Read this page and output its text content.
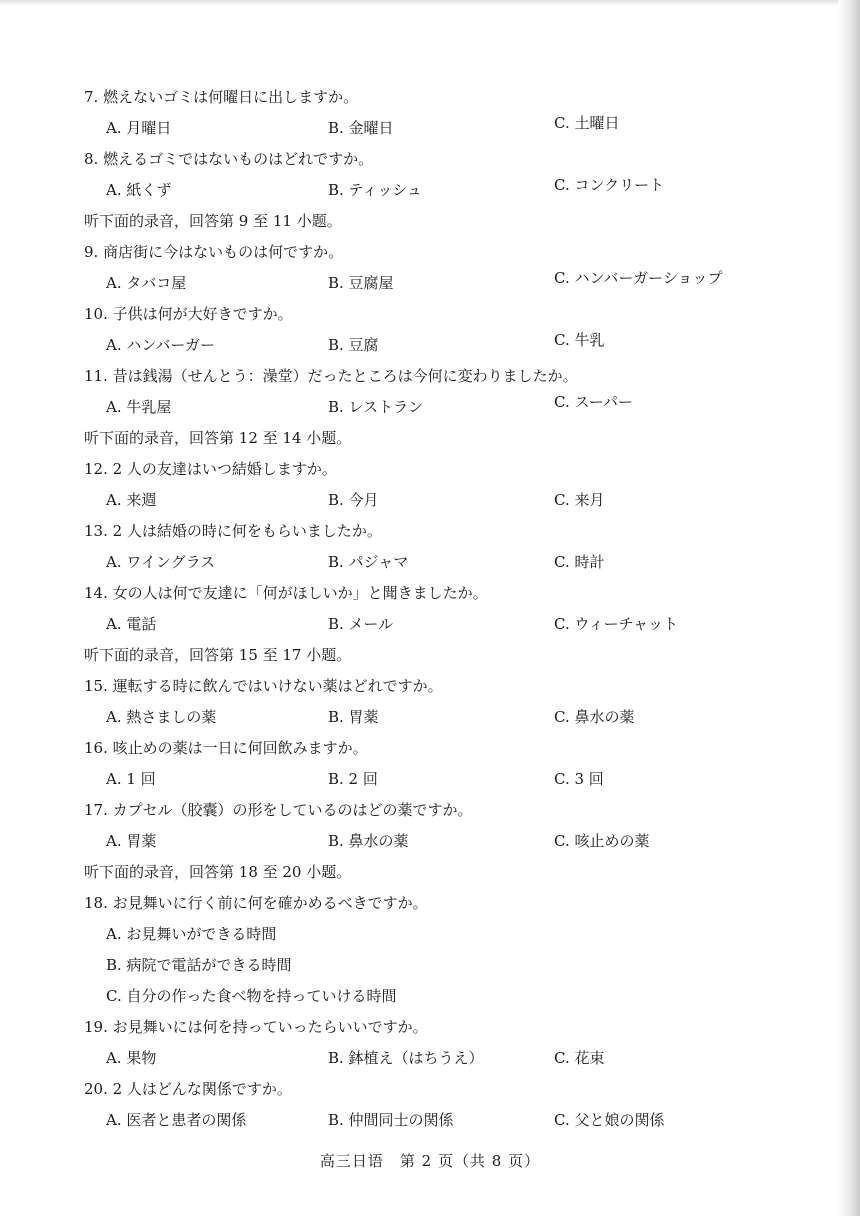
7. 燃えないゴミは何曜日に出しますか。
A. 月曜日	B. 金曜日	C. 土曜日
8. 燃えるゴミではないものはどれですか。
A. 紙くず	B. ティッシュ	C. コンクリート
听下面的录音，回答第 9 至 11 小题。
9. 商店街に今はないものは何ですか。
A. タバコ屋	B. 豆腐屋	C. ハンバーガーショップ
10. 子供は何が大好きですか。
A. ハンバーガー	B. 豆腐	C. 牛乳
11. 昔は銭湯（せんとう：澡堂）だったところは今何に変わりましたか。
A. 牛乳屋	B. レストラン	C. スーパー
听下面的录音，回答第 12 至 14 小题。
12. 2 人の友達はいつ結婚しますか。
A. 来週	B. 今月	C. 来月
13. 2 人は結婚の時に何をもらいましたか。
A. ワイングラス	B. パジャマ	C. 時計
14. 女の人は何で友達に「何がほしいか」と聞きましたか。
A. 電話	B. メール	C. ウィーチャット
听下面的录音，回答第 15 至 17 小题。
15. 運転する時に飲んではいけない薬はどれですか。
A. 熱さましの薬	B. 胃薬	C. 鼻水の薬
16. 咳止めの薬は一日に何回飲みますか。
A. 1 回	B. 2 回	C. 3 回
17. カプセル（胶囊）の形をしているのはどの薬ですか。
A. 胃薬	B. 鼻水の薬	C. 咳止めの薬
听下面的录音，回答第 18 至 20 小题。
18. お見舞いに行く前に何を確かめるべきですか。
A. お見舞いができる時間
B. 病院で電話ができる時間
C. 自分の作った食べ物を持っていける時間
19. お見舞いには何を持っていったらいいですか。
A. 果物	B. 鉢植え（はちうえ）	C. 花束
20. 2 人はどんな関係ですか。
A. 医者と患者の関係	B. 仲間同士の関係	C. 父と娘の関係
高三日语　第 2 页（共 8 页）
